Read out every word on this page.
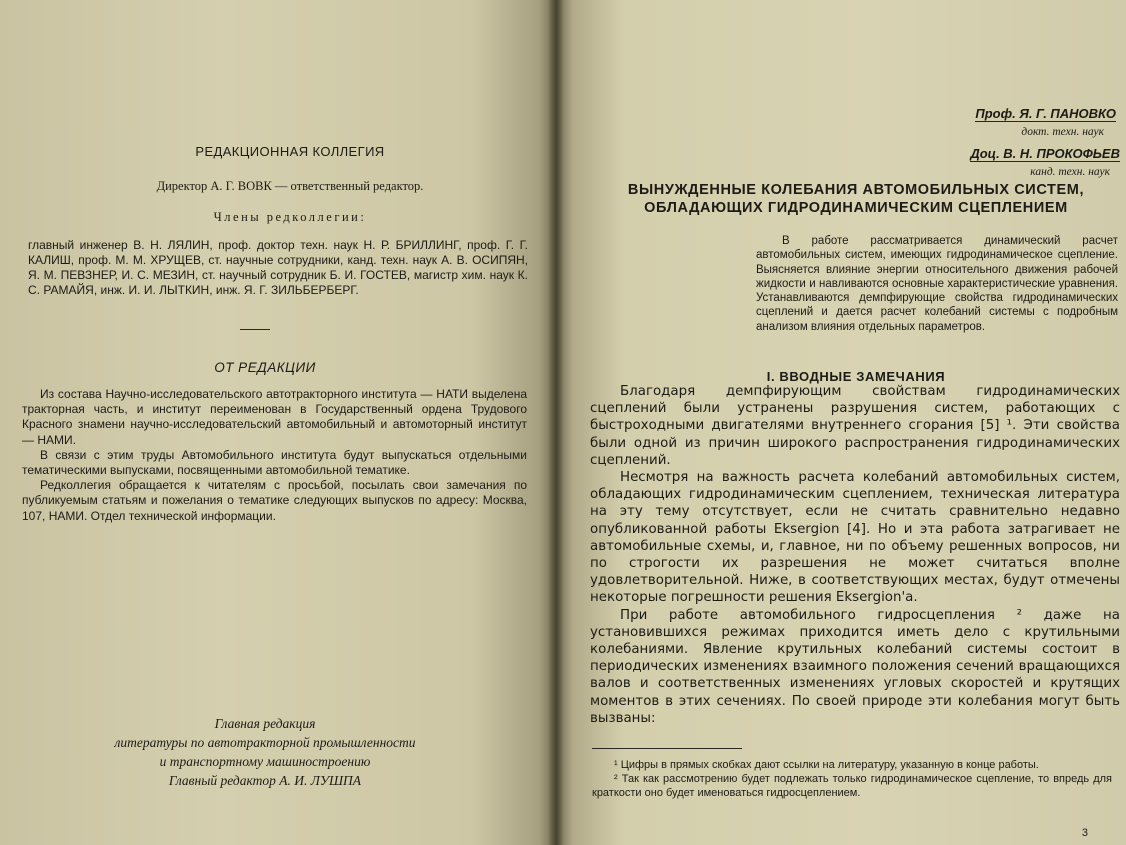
РЕДАКЦИОННАЯ КОЛЛЕГИЯ
Директор А. Г. ВОВК — ответственный редактор.
Члены редколлегии:
главный инженер В. Н. ЛЯЛИН, проф. доктор техн. наук Н. Р. БРИЛЛИНГ, проф. Г. Г. КАЛИШ, проф. М. М. ХРУЩЕВ, ст. научные сотрудники, канд. техн. наук А. В. ОСИПЯН, Я. М. ПЕВЗНЕР, И. С. МЕЗИН, ст. научный сотрудник Б. И. ГОСТЕВ, магистр хим. наук К. С. РАМАЙЯ, инж. И. И. ЛЫТКИН, инж. Я. Г. ЗИЛЬБЕРБЕРГ.
ОТ РЕДАКЦИИ

Из состава Научно-исследовательского автотракторного института — НАТИ выделена тракторная часть, и институт переименован в Государственный ордена Трудового Красного знамени научно-исследовательский автомобильный и автомоторный институт — НАМИ.

В связи с этим труды Автомобильного института будут выпускаться отдельными тематическими выпусками, посвященными автомобильной тематике.

Редколлегия обращается к читателям с просьбой, посылать свои замечания по публикуемым статьям и пожелания о тематике следующих выпусков по адресу: Москва, 107, НАМИ. Отдел технической информации.

Главная редакция

литературы по автотракторной промышленности

и транспортному машиностроению

Главный редактор А. И. ЛУШПА

Проф. Я. Г. ПАНОВКО
докт. техн. наук
Доц. В. Н. ПРОКОФЬЕВ
канд. техн. наук

ВЫНУЖДЕННЫЕ КОЛЕБАНИЯ АВТОМОБИЛЬНЫХ СИСТЕМ,

ОБЛАДАЮЩИХ ГИДРОДИНАМИЧЕСКИМ СЦЕПЛЕНИЕМ

В работе рассматривается динамический расчет автомобильных систем, имеющих гидродинамическое сцепление. Выясняется влияние энергии относительного движения рабочей жидкости и навливаются основные характеристические уравнения. Устанавливаются демпфирующие свойства гидродинамических сцеплений и дается расчет колебаний системы с подробным анализом влияния отдельных параметров.
I. ВВОДНЫЕ ЗАМЕЧАНИЯ

Благодаря демпфирующим свойствам гидродинамических сцеплений были устранены разрушения систем, работающих с быстроходными двигателями внутреннего сгорания [5] ¹. Эти свойства были одной из причин широкого распространения гидродинамических сцеплений.

Несмотря на важность расчета колебаний автомобильных систем, обладающих гидродинамическим сцеплением, техническая литература на эту тему отсутствует, если не считать сравнительно недавно опубликованной работы Eksergion [4]. Но и эта работа затрагивает не автомобильные схемы, и, главное, ни по объему решенных вопросов, ни по строгости их разрешения не может считаться вполне удовлетворительной. Ниже, в соответствующих местах, будут отмечены некоторые погрешности решения Eksergion'а.

При работе автомобильного гидросцепления ² даже на установившихся режимах приходится иметь дело с крутильными колебаниями. Явление крутильных колебаний системы состоит в периодических изменениях взаимного положения сечений вращающихся валов и соответственных изменениях угловых скоростей и крутящих моментов в этих сечениях. По своей природе эти колебания могут быть вызваны:

¹ Цифры в прямых скобках дают ссылки на литературу, указанную в конце работы.

² Так как рассмотрению будет подлежать только гидродинамическое сцепление, то впредь для краткости оно будет именоваться гидросцеплением.

3
